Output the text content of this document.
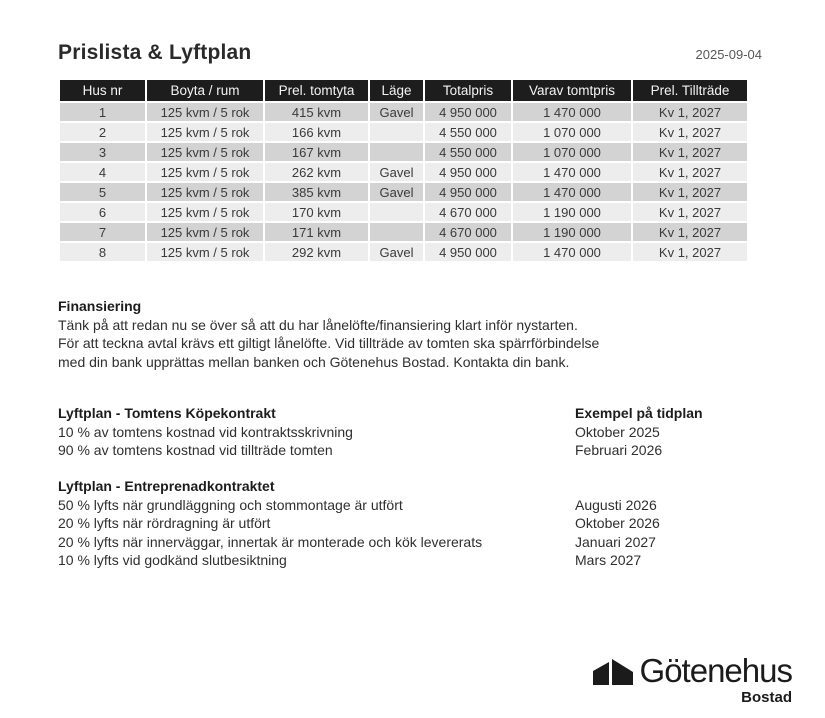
Prislista & Lyftplan	2025-09-04
Hus nr	Boyta / rum	Prel. tomtyta	Läge	Totalpris	Varav tomtpris	Prel. Tillträde
1	125 kvm / 5 rok	415 kvm	Gavel	4 950 000	1 470 000	Kv 1, 2027
2	125 kvm / 5 rok	166 kvm		4 550 000	1 070 000	Kv 1, 2027
3	125 kvm / 5 rok	167 kvm		4 550 000	1 070 000	Kv 1, 2027
4	125 kvm / 5 rok	262 kvm	Gavel	4 950 000	1 470 000	Kv 1, 2027
5	125 kvm / 5 rok	385 kvm	Gavel	4 950 000	1 470 000	Kv 1, 2027
6	125 kvm / 5 rok	170 kvm		4 670 000	1 190 000	Kv 1, 2027
7	125 kvm / 5 rok	171 kvm		4 670 000	1 190 000	Kv 1, 2027
8	125 kvm / 5 rok	292 kvm	Gavel	4 950 000	1 470 000	Kv 1, 2027
Finansiering
Tänk på att redan nu se över så att du har lånelöfte/finansiering klart inför nystarten.
För att teckna avtal krävs ett giltigt lånelöfte. Vid tillträde av tomten ska spärrförbindelse
med din bank upprättas mellan banken och Götenehus Bostad. Kontakta din bank.
Lyftplan - Tomtens Köpekontrakt	Exempel på tidplan
10 % av tomtens kostnad vid kontraktsskrivning	Oktober 2025
90 % av tomtens kostnad vid tillträde tomten	Februari 2026
Lyftplan - Entreprenadkontraktet
50 % lyfts när grundläggning och stommontage är utfört	Augusti 2026
20 % lyfts när rördragning är utfört	Oktober 2026
20 % lyfts när innerväggar, innertak är monterade och kök levererats	Januari 2027
10 % lyfts vid godkänd slutbesiktning	Mars 2027
Götenehus
Bostad
